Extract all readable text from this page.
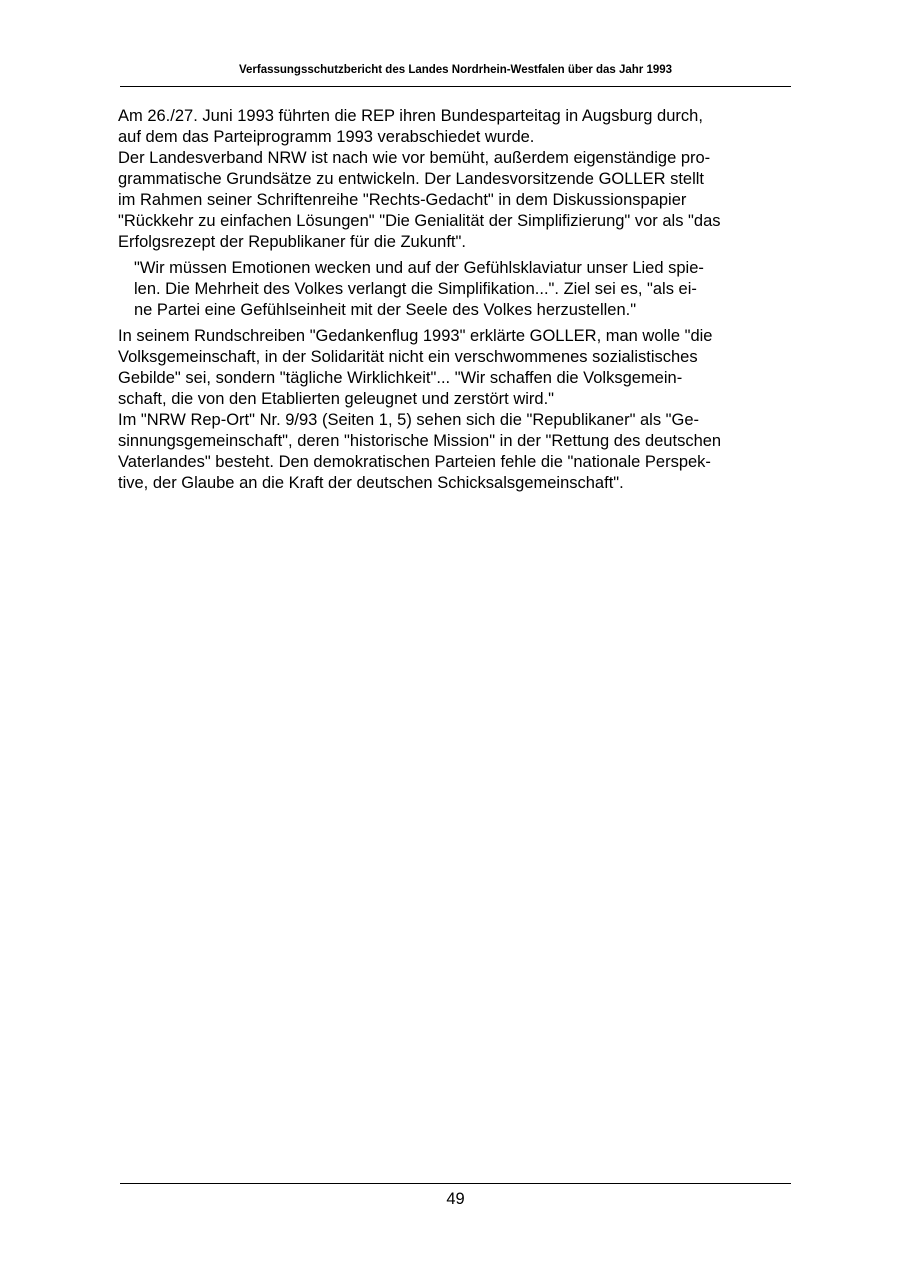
Verfassungsschutzbericht des Landes Nordrhein-Westfalen über das Jahr 1993
Am 26./27. Juni 1993 führten die REP ihren Bundesparteitag in Augsburg durch,
auf dem das Parteiprogramm 1993 verabschiedet wurde.
Der Landesverband NRW ist nach wie vor bemüht, außerdem eigenständige pro-
grammatische Grundsätze zu entwickeln. Der Landesvorsitzende GOLLER stellt
im Rahmen seiner Schriftenreihe "Rechts-Gedacht" in dem Diskussionspapier
"Rückkehr zu einfachen Lösungen" "Die Genialität der Simplifizierung" vor als "das
Erfolgsrezept der Republikaner für die Zukunft".
"Wir müssen Emotionen wecken und auf der Gefühlsklaviatur unser Lied spie-
len. Die Mehrheit des Volkes verlangt die Simplifikation...". Ziel sei es, "als ei-
ne Partei eine Gefühlseinheit mit der Seele des Volkes herzustellen."
In seinem Rundschreiben "Gedankenflug 1993" erklärte GOLLER, man wolle "die
Volksgemeinschaft, in der Solidarität nicht ein verschwommenes sozialistisches
Gebilde" sei, sondern "tägliche Wirklichkeit"... "Wir schaffen die Volksgemein-
schaft, die von den Etablierten geleugnet und zerstört wird."
Im "NRW Rep-Ort" Nr. 9/93 (Seiten 1, 5) sehen sich die "Republikaner" als "Ge-
sinnungsgemeinschaft", deren "historische Mission" in der "Rettung des deutschen
Vaterlandes" besteht. Den demokratischen Parteien fehle die "nationale Perspek-
tive, der Glaube an die Kraft der deutschen Schicksalsgemeinschaft".
49
